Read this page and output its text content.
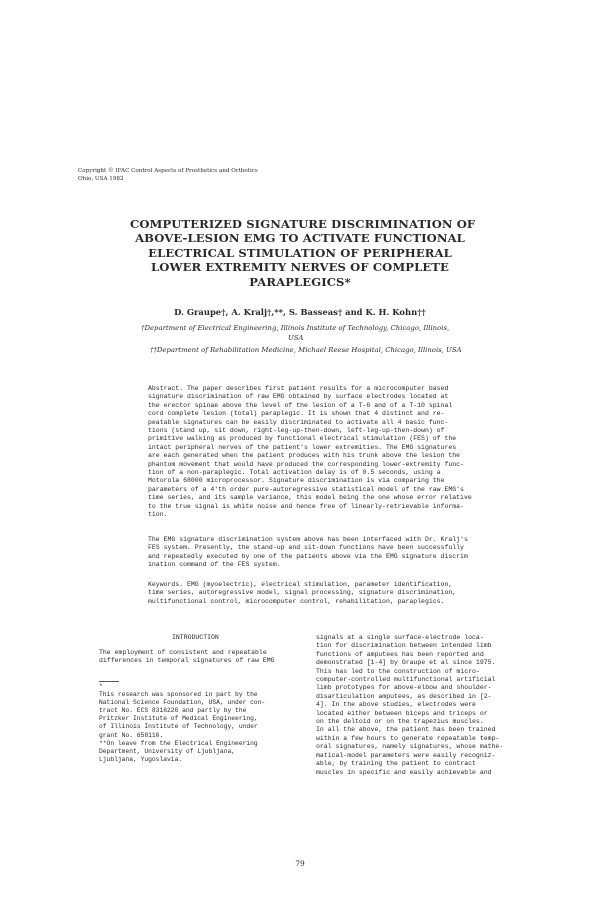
Copyright © IFAC Control Aspects of Prosthetics and Orthotics
Ohio, USA 1982
COMPUTERIZED SIGNATURE DISCRIMINATION OF
ABOVE-LESION EMG TO ACTIVATE FUNCTIONAL
ELECTRICAL STIMULATION OF PERIPHERAL
LOWER EXTREMITY NERVES OF COMPLETE
PARAPLEGICS*
D. Graupe†, A. Kralj†,**, S. Basseas† and K. H. Kohn††
†Department of Electrical Engineering, Illinois Institute of Technology, Chicago, Illinois,
USA
††Department of Rehabilitation Medicine, Michael Reese Hospital, Chicago, Illinois, USA
Abstract. The paper describes first patient results for a microcomputer based
signature discrimination of raw EMG obtained by surface electrodes located at
the erector spinae above the level of the lesion of a T-6 and of a T-10 spinal
cord complete lesion (total) paraplegic. It is shown that 4 distinct and re-
peatable signatures can be easily discriminated to activate all 4 basic func-
tions (stand up, sit down, right-leg-up-then-down, left-leg-up-then-down) of
primitive walking as produced by functional electrical stimulation (FES) of the
intact peripheral nerves of the patient's lower extremities. The EMG signatures
are each generated when the patient produces with his trunk above the lesion the
phantom movement that would have produced the corresponding lower-extremity func-
tion of a non-paraplegic. Total activation delay is of 0.5 seconds, using a
Motorola 68000 microprocessor. Signature discrimination is via comparing the
parameters of a 4'th order pure-autoregressive statistical model of the raw EMG's
time series, and its sample variance, this model being the one whose error relative
to the true signal is white noise and hence free of linearly-retrievable informa-
tion.
The EMG signature discrimination system above has been interfaced with Dr. Kralj's
FES system. Presently, the stand-up and sit-down functions have been successfully
and repeatedly executed by one of the patients above via the EMG signature discrim
ination command of the FES system.
Keywords. EMG (myoelectric), electrical stimulation, parameter identification,
time series, autoregressive model, signal processing, signature discrimination,
multifunctional control, microcomputer control, rehabilitation, paraplegics.
INTRODUCTION
The employment of consistent and repeatable
differences in temporal signatures of raw EMG
*
This research was sponsored in part by the
National Science Foundation, USA, under con-
tract No. ECS 8316226 and partly by the
Pritzker Institute of Medical Engineering,
of Illinois Institute of Technology, under
grant No. 658110.
**On leave from the Electrical Engineering
Department, University of Ljubljana,
Ljubljana, Yugoslavia.
signals at a single surface-electrode loca-
tion for discrimination between intended limb
functions of amputees has been reported and
demonstrated [1-4] by Graupe et al since 1975.
This has led to the construction of micro-
computer-controlled multifunctional artificial
limb prototypes for above-elbow and shoulder-
disarticulation amputees, as described in [2-
4]. In the above studies, electrodes were
located either between biceps and triceps or
on the deltoid or on the trapezius muscles.
In all the above, the patient has been trained
within a few hours to generate repeatable temp-
oral signatures, namely signatures, whose mathe-
matical-model parameters were easily recogniz-
able, by training the patient to contract
muscles in specific and easily achievable and
79
